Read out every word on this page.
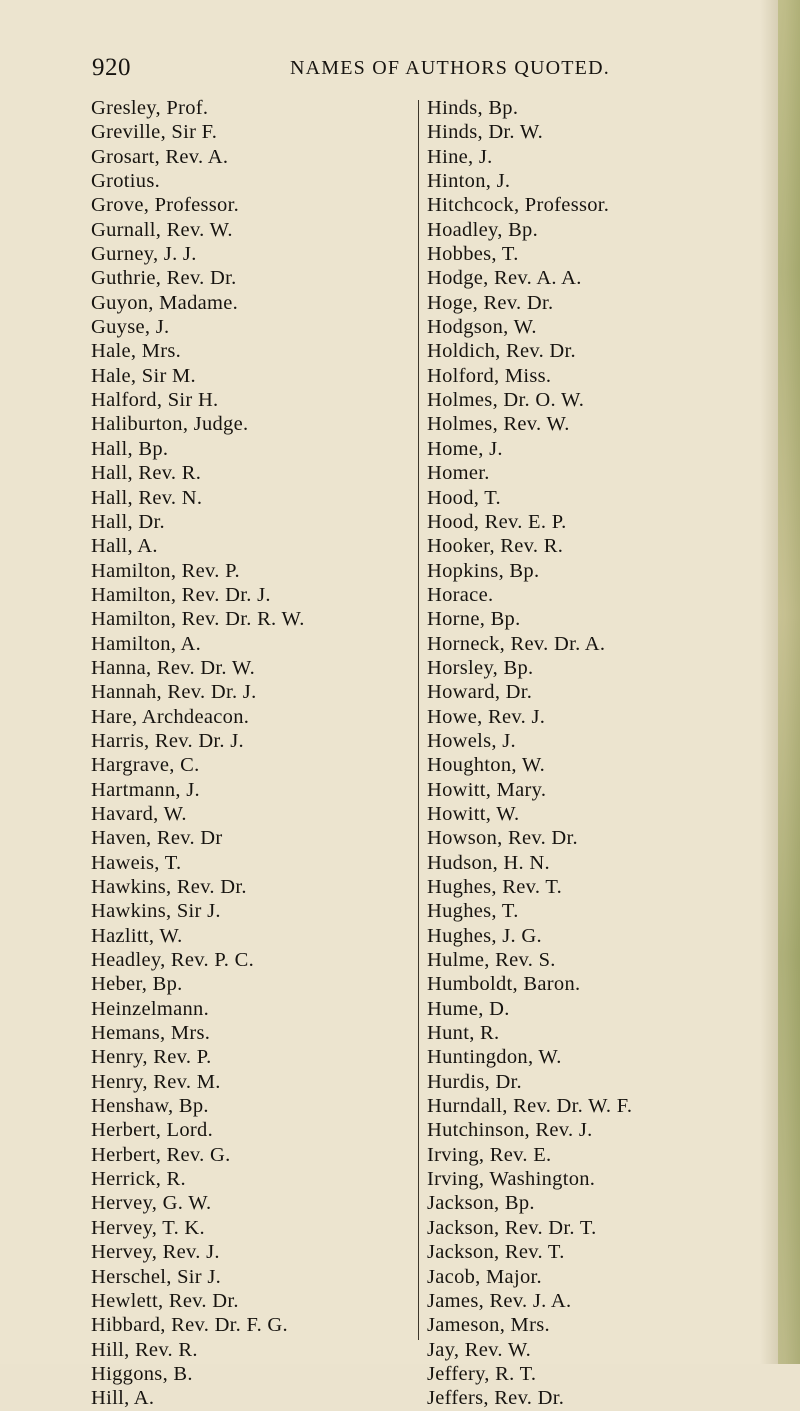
920	NAMES OF AUTHORS QUOTED.
Gresley, Prof.
Greville, Sir F.
Grosart, Rev. A.
Grotius.
Grove, Professor.
Gurnall, Rev. W.
Gurney, J. J.
Guthrie, Rev. Dr.
Guyon, Madame.
Guyse, J.
Hale, Mrs.
Hale, Sir M.
Halford, Sir H.
Haliburton, Judge.
Hall, Bp.
Hall, Rev. R.
Hall, Rev. N.
Hall, Dr.
Hall, A.
Hamilton, Rev. P.
Hamilton, Rev. Dr. J.
Hamilton, Rev. Dr. R. W.
Hamilton, A.
Hanna, Rev. Dr. W.
Hannah, Rev. Dr. J.
Hare, Archdeacon.
Harris, Rev. Dr. J.
Hargrave, C.
Hartmann, J.
Havard, W.
Haven, Rev. Dr
Haweis, T.
Hawkins, Rev. Dr.
Hawkins, Sir J.
Hazlitt, W.
Headley, Rev. P. C.
Heber, Bp.
Heinzelmann.
Hemans, Mrs.
Henry, Rev. P.
Henry, Rev. M.
Henshaw, Bp.
Herbert, Lord.
Herbert, Rev. G.
Herrick, R.
Hervey, G. W.
Hervey, T. K.
Hervey, Rev. J.
Herschel, Sir J.
Hewlett, Rev. Dr.
Hibbard, Rev. Dr. F. G.
Hill, Rev. R.
Higgons, B.
Hill, A.
Hinds, Bp.
Hinds, Dr. W.
Hine, J.
Hinton, J.
Hitchcock, Professor.
Hoadley, Bp.
Hobbes, T.
Hodge, Rev. A. A.
Hoge, Rev. Dr.
Hodgson, W.
Holdich, Rev. Dr.
Holford, Miss.
Holmes, Dr. O. W.
Holmes, Rev. W.
Home, J.
Homer.
Hood, T.
Hood, Rev. E. P.
Hooker, Rev. R.
Hopkins, Bp.
Horace.
Horne, Bp.
Horneck, Rev. Dr. A.
Horsley, Bp.
Howard, Dr.
Howe, Rev. J.
Howels, J.
Houghton, W.
Howitt, Mary.
Howitt, W.
Howson, Rev. Dr.
Hudson, H. N.
Hughes, Rev. T.
Hughes, T.
Hughes, J. G.
Hulme, Rev. S.
Humboldt, Baron.
Hume, D.
Hunt, R.
Huntingdon, W.
Hurdis, Dr.
Hurndall, Rev. Dr. W. F.
Hutchinson, Rev. J.
Irving, Rev. E.
Irving, Washington.
Jackson, Bp.
Jackson, Rev. Dr. T.
Jackson, Rev. T.
Jacob, Major.
James, Rev. J. A.
Jameson, Mrs.
Jay, Rev. W.
Jeffery, R. T.
Jeffers, Rev. Dr.
